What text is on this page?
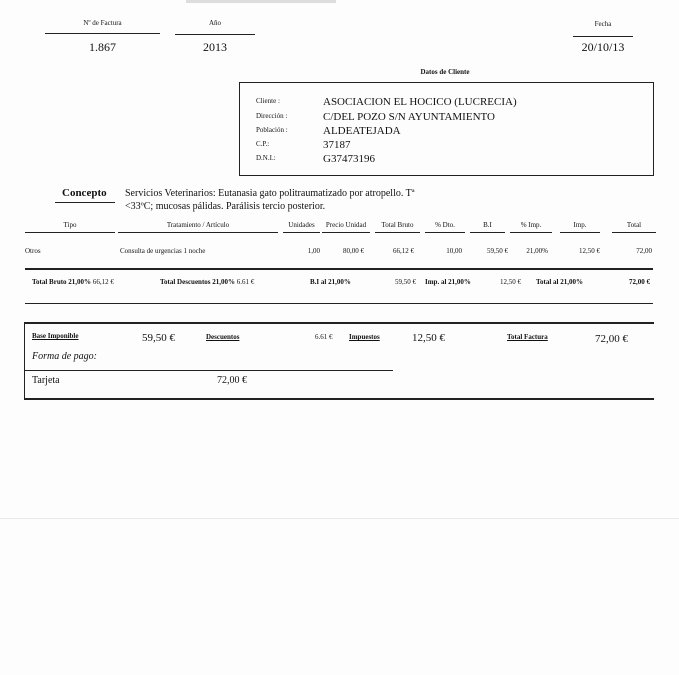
Nº de Factura
1.867
Año
2013
Fecha
20/10/13
Datos de Cliente
Cliente :	ASOCIACION EL HOCICO (LUCRECIA)
Dirección :	C/DEL POZO S/N AYUNTAMIENTO
Población :	ALDEATEJADA
C.P.:	37187
D.N.I.:	G37473196
Concepto Servicios Veterinarios: Eutanasia gato politraumatizado por atropello. Tª
<33ºC; mucosas pálidas. Parálisis tercio posterior.
Tipo	Tratamiento / Artículo	Unidades	Precio Unidad	Total Bruto	% Dto.	B.I	% Imp.	Imp.	Total
Otros	Consulta de urgencias 1 noche	1,00	80,00 €	66,12 €	10,00	59,50 €	21,00%	12,50 €	72,00
Total Bruto 21,00% 66,12 €	Total Descuentos 21,00% 6.61 €	B.I al 21,00%	59,50 € Imp. al 21,00%	12,50 € Total al 21,00%	72,00 €
Base Imponible	59,50 €	Descuentos	6.61 € Impuestos	12,50 €	Total Factura	72,00 €
Forma de pago:
Tarjeta	72,00 €
